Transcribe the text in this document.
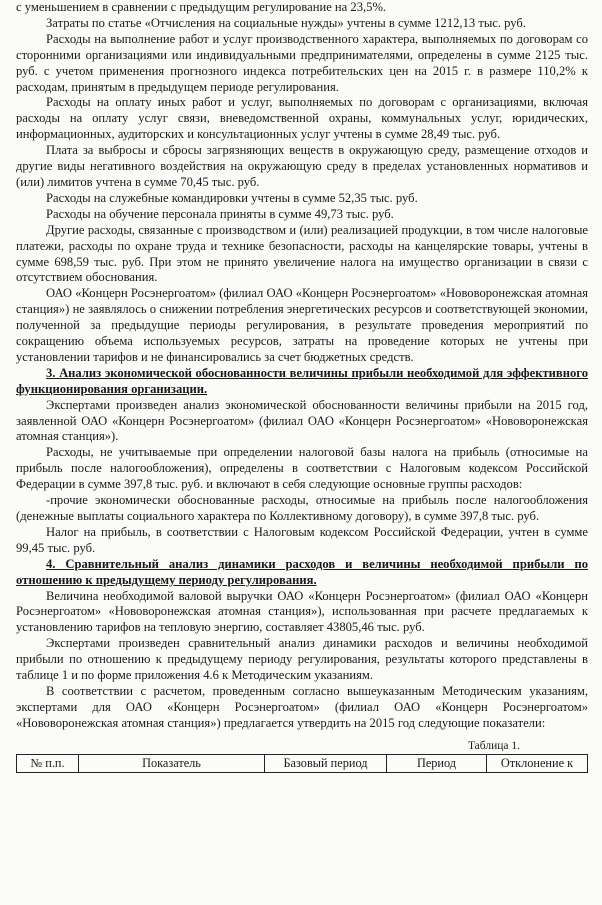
с уменьшением в сравнении с предыдущим регулирование на 23,5%.

Затраты по статье «Отчисления на социальные нужды» учтены в сумме 1212,13 тыс. руб.

Расходы на выполнение работ и услуг производственного характера, выполняемых по договорам со сторонними организациями или индивидуальными предпринимателями, определены в сумме 2125 тыс. руб. с учетом применения прогнозного индекса потребительских цен на 2015 г. в размере 110,2% к расходам, принятым в предыдущем периоде регулирования.

Расходы на оплату иных работ и услуг, выполняемых по договорам с организациями, включая расходы на оплату услуг связи, вневедомственной охраны, коммунальных услуг, юридических, информационных, аудиторских и консультационных услуг учтены в сумме 28,49 тыс. руб.

Плата за выбросы и сбросы загрязняющих веществ в окружающую среду, размещение отходов и другие виды негативного воздействия на окружающую среду в пределах установленных нормативов и (или) лимитов учтена в сумме 70,45 тыс. руб.

Расходы на служебные командировки учтены в сумме 52,35 тыс. руб.

Расходы на обучение персонала приняты в сумме 49,73 тыс. руб.

Другие расходы, связанные с производством и (или) реализацией продукции, в том числе налоговые платежи, расходы по охране труда и технике безопасности, расходы на канцелярские товары, учтены в сумме 698,59 тыс. руб. При этом не принято увеличение налога на имущество организации в связи с отсутствием обоснования.

ОАО «Концерн Росэнергоатом» (филиал ОАО «Концерн Росэнергоатом» «Нововоронежская атомная станция») не заявлялось о снижении потребления энергетических ресурсов и соответствующей экономии, полученной за предыдущие периоды регулирования, в результате проведения мероприятий по сокращению объема используемых ресурсов, затраты на проведение которых не учтены при установлении тарифов и не финансировались за счет бюджетных средств.

3. Анализ экономической обоснованности величины прибыли необходимой для эффективного функционирования организации.

Экспертами произведен анализ экономической обоснованности величины прибыли на 2015 год, заявленной ОАО «Концерн Росэнергоатом» (филиал ОАО «Концерн Росэнергоатом» «Нововоронежская атомная станция»).

Расходы, не учитываемые при определении налоговой базы налога на прибыль (относимые на прибыль после налогообложения), определены в соответствии с Налоговым кодексом Российской Федерации в сумме 397,8 тыс. руб. и включают в себя следующие основные группы расходов:

-прочие экономически обоснованные расходы, относимые на прибыль после налогообложения (денежные выплаты социального характера по Коллективному договору), в сумме 397,8 тыс. руб.

Налог на прибыль, в соответствии с Налоговым кодексом Российской Федерации, учтен в сумме 99,45 тыс. руб.

4. Сравнительный анализ динамики расходов и величины необходимой прибыли по отношению к предыдущему периоду регулирования.

Величина необходимой валовой выручки ОАО «Концерн Росэнергоатом» (филиал ОАО «Концерн Росэнергоатом» «Нововоронежская атомная станция»), использованная при расчете предлагаемых к установлению тарифов на тепловую энергию, составляет 43805,46 тыс. руб.

Экспертами произведен сравнительный анализ динамики расходов и величины необходимой прибыли по отношению к предыдущему периоду регулирования, результаты которого представлены в таблице 1 и по форме приложения 4.6 к Методическим указаниям.

В соответствии с расчетом, проведенным согласно вышеуказанным Методическим указаниям, экспертами для ОАО «Концерн Росэнергоатом» (филиал ОАО «Концерн Росэнергоатом» «Нововоронежская атомная станция») предлагается утвердить на 2015 год следующие показатели:

Таблица 1.
№ п.п.	Показатель	Базовый период	Период	Отклонение к
